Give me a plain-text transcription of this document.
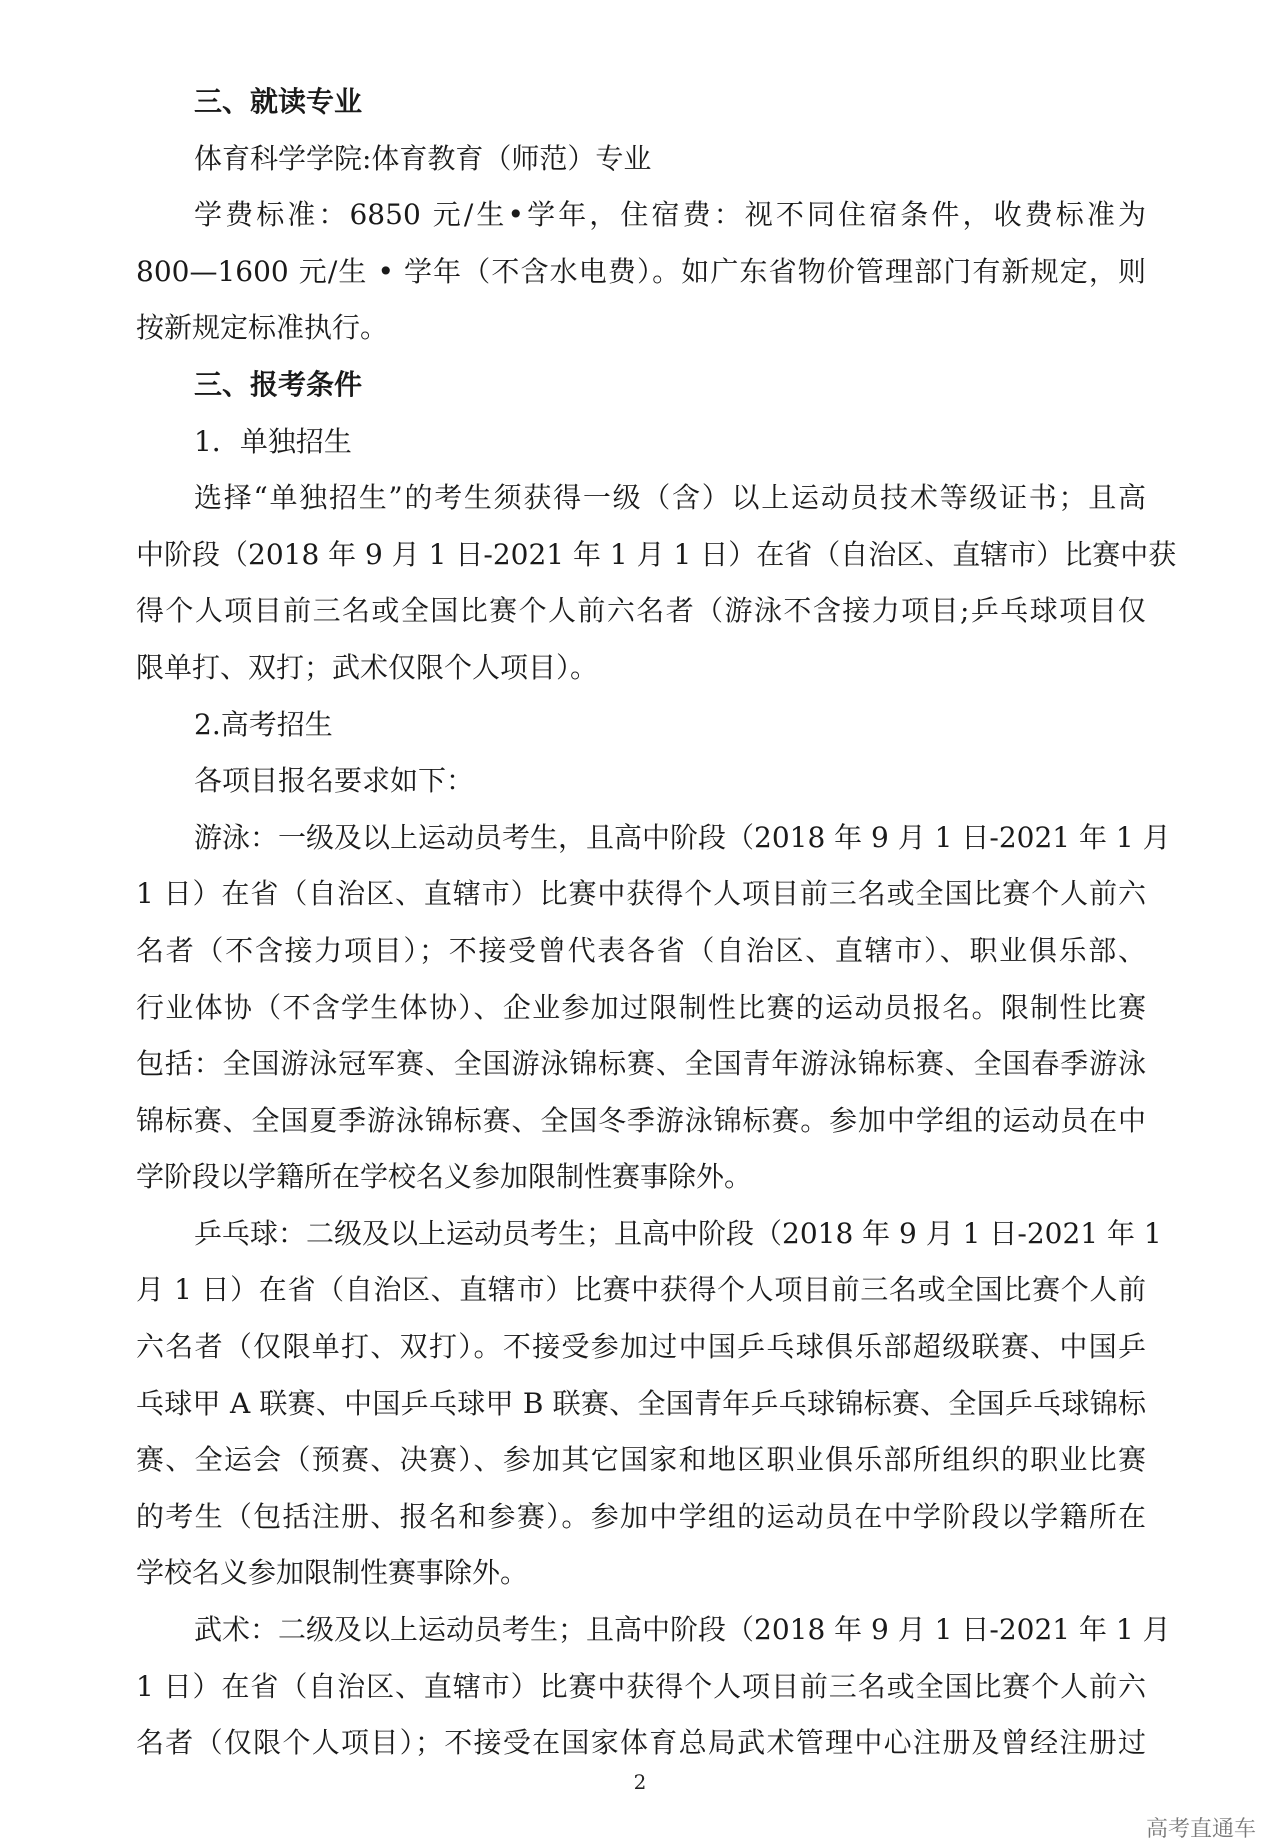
三、就读专业
体育科学学院:体育教育（师范）专业
学费标准：6850 元/生•学年，住宿费：视不同住宿条件，收费标准为
800—1600 元/生 • 学年（不含水电费）。如广东省物价管理部门有新规定，则
按新规定标准执行。
三、报考条件
1．单独招生
选择“单独招生”的考生须获得一级（含）以上运动员技术等级证书；且高
中阶段（2018 年 9 月 1 日-2021 年 1 月 1 日）在省（自治区、直辖市）比赛中获
得个人项目前三名或全国比赛个人前六名者（游泳不含接力项目;乒乓球项目仅
限单打、双打；武术仅限个人项目）。
2.高考招生
各项目报名要求如下：
游泳：一级及以上运动员考生，且高中阶段（2018 年 9 月 1 日-2021 年 1 月
1 日）在省（自治区、直辖市）比赛中获得个人项目前三名或全国比赛个人前六
名者（不含接力项目）；不接受曾代表各省（自治区、直辖市）、职业俱乐部、
行业体协（不含学生体协）、企业参加过限制性比赛的运动员报名。限制性比赛
包括：全国游泳冠军赛、全国游泳锦标赛、全国青年游泳锦标赛、全国春季游泳
锦标赛、全国夏季游泳锦标赛、全国冬季游泳锦标赛。参加中学组的运动员在中
学阶段以学籍所在学校名义参加限制性赛事除外。
乒乓球：二级及以上运动员考生；且高中阶段（2018 年 9 月 1 日-2021 年 1
月 1 日）在省（自治区、直辖市）比赛中获得个人项目前三名或全国比赛个人前
六名者（仅限单打、双打）。不接受参加过中国乒乓球俱乐部超级联赛、中国乒
乓球甲 A 联赛、中国乒乓球甲 B 联赛、全国青年乒乓球锦标赛、全国乒乓球锦标
赛、全运会（预赛、决赛）、参加其它国家和地区职业俱乐部所组织的职业比赛
的考生（包括注册、报名和参赛）。参加中学组的运动员在中学阶段以学籍所在
学校名义参加限制性赛事除外。
武术：二级及以上运动员考生；且高中阶段（2018 年 9 月 1 日-2021 年 1 月
1 日）在省（自治区、直辖市）比赛中获得个人项目前三名或全国比赛个人前六
名者（仅限个人项目）；不接受在国家体育总局武术管理中心注册及曾经注册过
2
高考直通车
